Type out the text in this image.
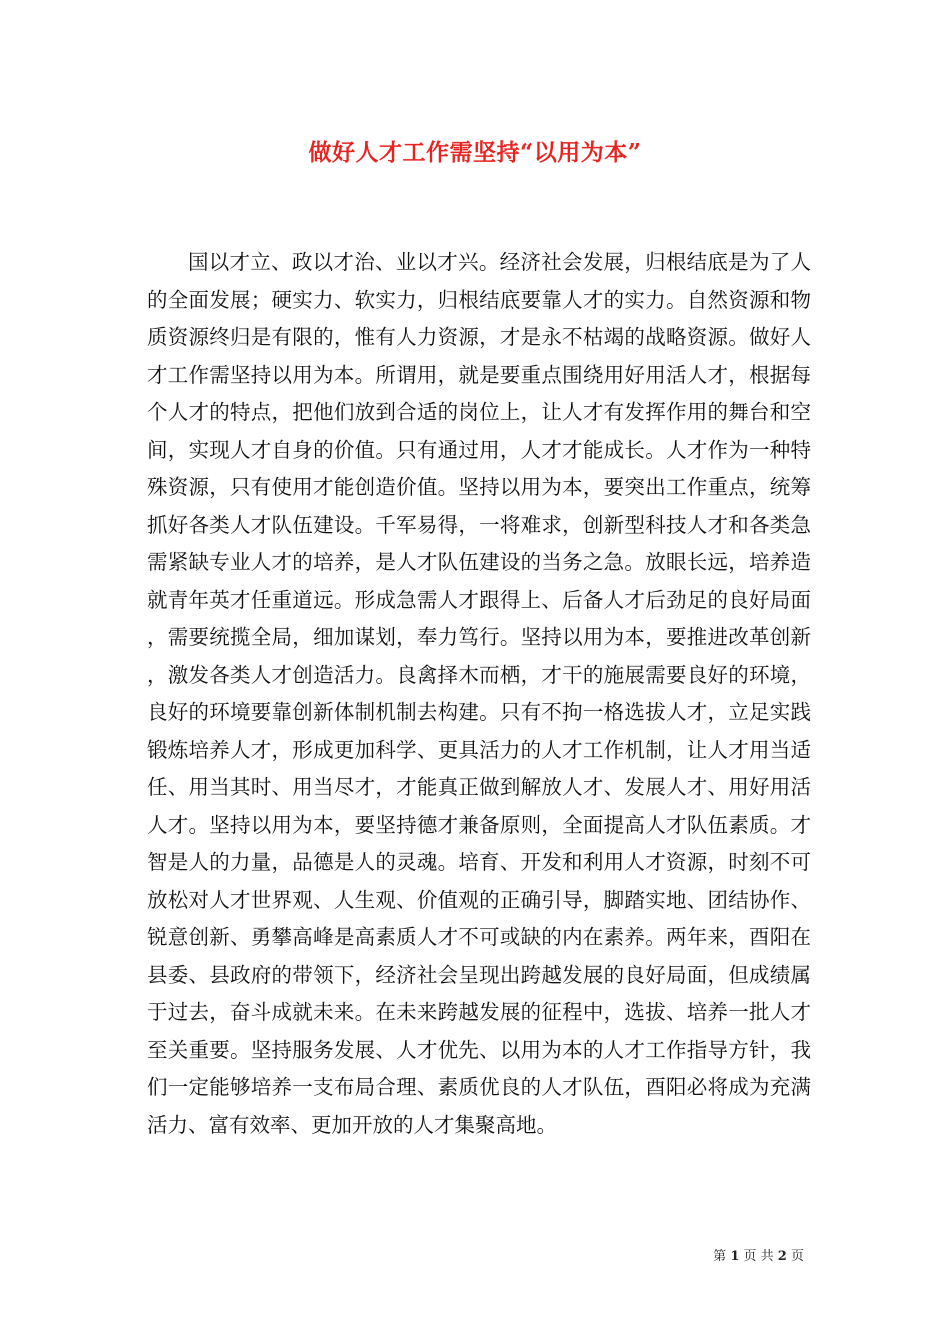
做好人才工作需坚持“以用为本”

国以才立、政以才治、业以才兴。经济社会发展，归根结底是为了人的全面发展；硬实力、软实力，归根结底要靠人才的实力。自然资源和物质资源终归是有限的，惟有人力资源，才是永不枯竭的战略资源。做好人才工作需坚持以用为本。所谓用，就是要重点围绕用好用活人才，根据每个人才的特点，把他们放到合适的岗位上，让人才有发挥作用的舞台和空间，实现人才自身的价值。只有通过用，人才才能成长。人才作为一种特殊资源，只有使用才能创造价值。坚持以用为本，要突出工作重点，统筹抓好各类人才队伍建设。千军易得，一将难求，创新型科技人才和各类急需紧缺专业人才的培养，是人才队伍建设的当务之急。放眼长远，培养造就青年英才任重道远。形成急需人才跟得上、后备人才后劲足的良好局面，需要统揽全局，细加谋划，奉力笃行。坚持以用为本，要推进改革创新，激发各类人才创造活力。良禽择木而栖，才干的施展需要良好的环境，良好的环境要靠创新体制机制去构建。只有不拘一格选拔人才，立足实践锻炼培养人才，形成更加科学、更具活力的人才工作机制，让人才用当适任、用当其时、用当尽才，才能真正做到解放人才、发展人才、用好用活人才。坚持以用为本，要坚持德才兼备原则，全面提高人才队伍素质。才智是人的力量，品德是人的灵魂。培育、开发和利用人才资源，时刻不可放松对人才世界观、人生观、价值观的正确引导，脚踏实地、团结协作、锐意创新、勇攀高峰是高素质人才不可或缺的内在素养。两年来，酉阳在县委、县政府的带领下，经济社会呈现出跨越发展的良好局面，但成绩属于过去，奋斗成就未来。在未来跨越发展的征程中，选拔、培养一批人才至关重要。坚持服务发展、人才优先、以用为本的人才工作指导方针，我们一定能够培养一支布局合理、素质优良的人才队伍，酉阳必将成为充满活力、富有效率、更加开放的人才集聚高地。

第 1 页 共 2 页
